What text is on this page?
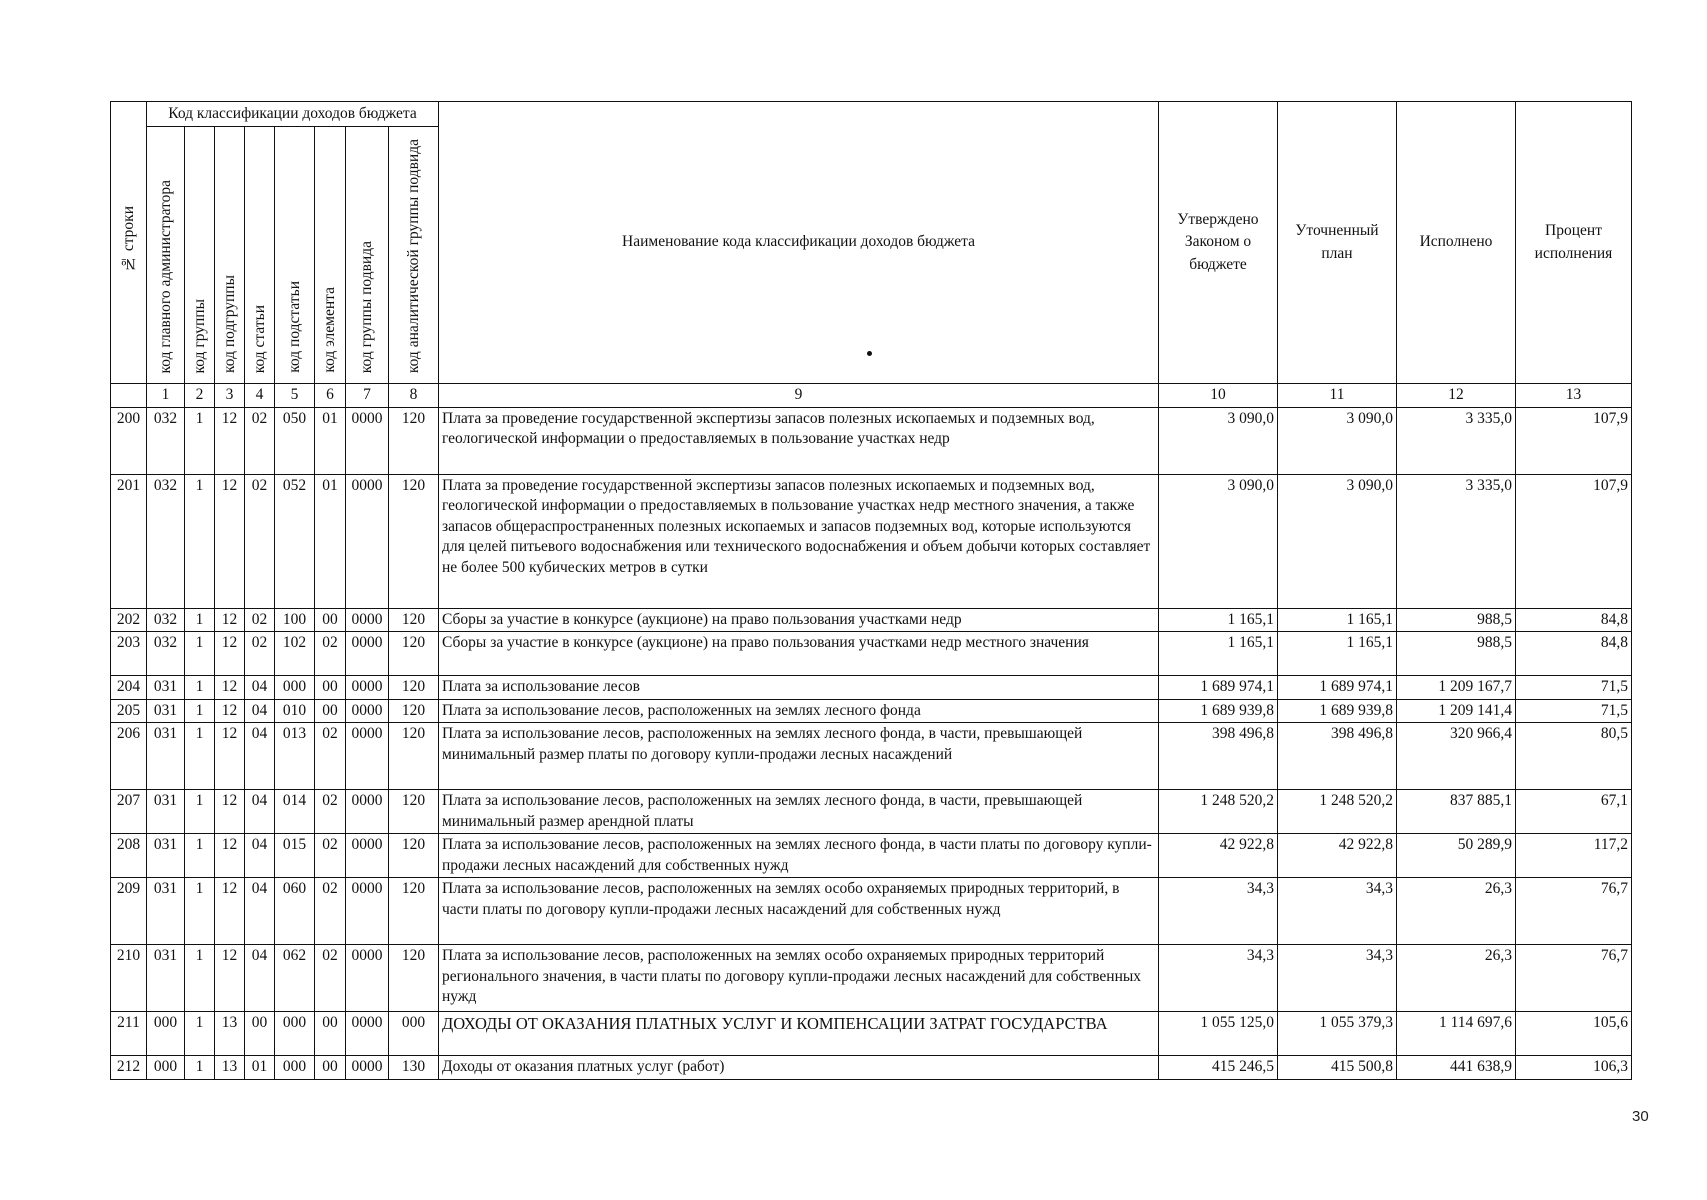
№ строки	Код классификации доходов бюджета								Наименование кода классификации доходов бюджета	Утверждено Законом о бюджете	Уточненный план	Исполнено	Процент исполнения
	код главного администратора	код группы	код подгруппы	код статьи	код подстатьи	код элемента	код группы подвида	код аналитической группы подвида					
	1	2	3	4	5	6	7	8	9	10	11	12	13
200	032	1	12	02	050	01	0000	120	Плата за проведение государственной экспертизы запасов полезных ископаемых и подземных вод, геологической информации о предоставляемых в пользование участках недр	3 090,0	3 090,0	3 335,0	107,9
201	032	1	12	02	052	01	0000	120	Плата за проведение государственной экспертизы запасов полезных ископаемых и подземных вод, геологической информации о предоставляемых в пользование участках недр местного значения, а также запасов общераспространенных полезных ископаемых и запасов подземных вод, которые используются для целей питьевого водоснабжения или технического водоснабжения и объем добычи которых составляет не более 500 кубических метров в сутки	3 090,0	3 090,0	3 335,0	107,9
202	032	1	12	02	100	00	0000	120	Сборы за участие в конкурсе (аукционе) на право пользования участками недр	1 165,1	1 165,1	988,5	84,8
203	032	1	12	02	102	02	0000	120	Сборы за участие в конкурсе (аукционе) на право пользования участками недр местного значения	1 165,1	1 165,1	988,5	84,8
204	031	1	12	04	000	00	0000	120	Плата за использование лесов	1 689 974,1	1 689 974,1	1 209 167,7	71,5
205	031	1	12	04	010	00	0000	120	Плата за использование лесов, расположенных на землях лесного фонда	1 689 939,8	1 689 939,8	1 209 141,4	71,5
206	031	1	12	04	013	02	0000	120	Плата за использование лесов, расположенных на землях лесного фонда, в части, превышающей минимальный размер платы по договору купли-продажи лесных насаждений	398 496,8	398 496,8	320 966,4	80,5
207	031	1	12	04	014	02	0000	120	Плата за использование лесов, расположенных на землях лесного фонда, в части, превышающей минимальный размер арендной платы	1 248 520,2	1 248 520,2	837 885,1	67,1
208	031	1	12	04	015	02	0000	120	Плата за использование лесов, расположенных на землях лесного фонда, в части платы по договору купли-продажи лесных насаждений для собственных нужд	42 922,8	42 922,8	50 289,9	117,2
209	031	1	12	04	060	02	0000	120	Плата за использование лесов, расположенных на землях особо охраняемых природных территорий, в части платы по договору купли-продажи лесных насаждений для собственных нужд	34,3	34,3	26,3	76,7
210	031	1	12	04	062	02	0000	120	Плата за использование лесов, расположенных на землях особо охраняемых природных территорий регионального значения, в части платы по договору купли-продажи лесных насаждений для собственных нужд	34,3	34,3	26,3	76,7
211	000	1	13	00	000	00	0000	000	ДОХОДЫ ОТ ОКАЗАНИЯ ПЛАТНЫХ УСЛУГ И КОМПЕНСАЦИИ ЗАТРАТ ГОСУДАРСТВА	1 055 125,0	1 055 379,3	1 114 697,6	105,6
212	000	1	13	01	000	00	0000	130	Доходы от оказания платных услуг (работ)	415 246,5	415 500,8	441 638,9	106,3
30
